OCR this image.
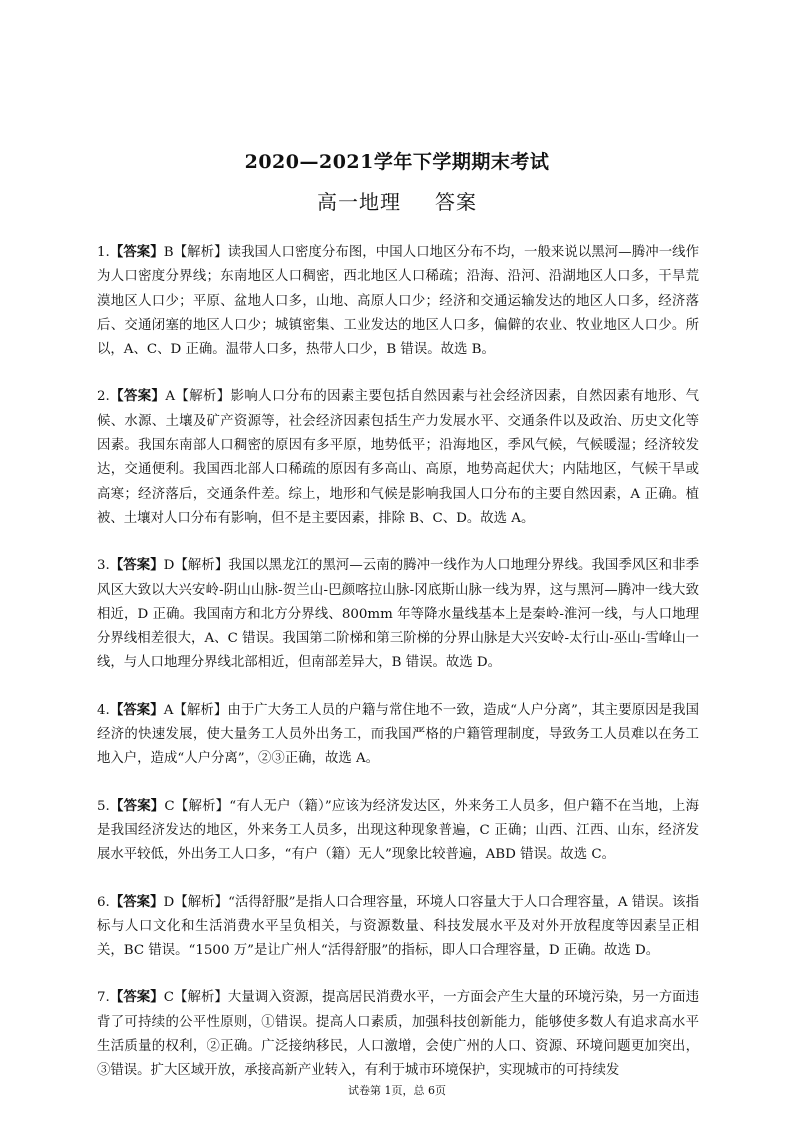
2020—2021学年下学期期末考试
高一地理 答案

1.【答案】B【解析】读我国人口密度分布图，中国人口地区分布不均，一般来说以黑河—腾冲一线作为人口密度分界线；东南地区人口稠密，西北地区人口稀疏；沿海、沿河、沿湖地区人口多，干旱荒漠地区人口少；平原、盆地人口多，山地、高原人口少；经济和交通运输发达的地区人口多，经济落后、交通闭塞的地区人口少；城镇密集、工业发达的地区人口多，偏僻的农业、牧业地区人口少。所以，A、C、D 正确。温带人口多，热带人口少，B 错误。故选 B。

2.【答案】A【解析】影响人口分布的因素主要包括自然因素与社会经济因素，自然因素有地形、气候、水源、土壤及矿产资源等，社会经济因素包括生产力发展水平、交通条件以及政治、历史文化等因素。我国东南部人口稠密的原因有多平原，地势低平；沿海地区，季风气候，气候暖湿；经济较发达，交通便利。我国西北部人口稀疏的原因有多高山、高原，地势高起伏大；内陆地区，气候干旱或高寒；经济落后，交通条件差。综上，地形和气候是影响我国人口分布的主要自然因素，A 正确。植被、土壤对人口分布有影响，但不是主要因素，排除 B、C、D。故选 A。

3.【答案】D【解析】我国以黑龙江的黑河—云南的腾冲一线作为人口地理分界线。我国季风区和非季风区大致以大兴安岭-阴山山脉-贺兰山-巴颜喀拉山脉-冈底斯山脉一线为界，这与黑河—腾冲一线大致相近，D 正确。我国南方和北方分界线、800mm 年等降水量线基本上是秦岭-淮河一线，与人口地理分界线相差很大，A、C 错误。我国第二阶梯和第三阶梯的分界山脉是大兴安岭-太行山-巫山-雪峰山一线，与人口地理分界线北部相近，但南部差异大，B 错误。故选 D。

4.【答案】A【解析】由于广大务工人员的户籍与常住地不一致，造成“人户分离”，其主要原因是我国经济的快速发展，使大量务工人员外出务工，而我国严格的户籍管理制度，导致务工人员难以在务工地入户，造成“人户分离”，②③正确，故选 A。

5.【答案】C【解析】“有人无户（籍）”应该为经济发达区，外来务工人员多，但户籍不在当地，上海是我国经济发达的地区，外来务工人员多，出现这种现象普遍，C 正确；山西、江西、山东，经济发展水平较低，外出务工人口多，“有户（籍）无人”现象比较普遍，ABD 错误。故选 C。

6.【答案】D【解析】“活得舒服”是指人口合理容量，环境人口容量大于人口合理容量，A 错误。该指标与人口文化和生活消费水平呈负相关，与资源数量、科技发展水平及对外开放程度等因素呈正相关，BC 错误。“1500 万”是让广州人“活得舒服”的指标，即人口合理容量，D 正确。故选 D。

7.【答案】C【解析】大量调入资源，提高居民消费水平，一方面会产生大量的环境污染，另一方面违背了可持续的公平性原则，①错误。提高人口素质，加强科技创新能力，能够使多数人有追求高水平生活质量的权利，②正确。广泛接纳移民，人口激增，会使广州的人口、资源、环境问题更加突出，③错误。扩大区域开放，承接高新产业转入，有利于城市环境保护，实现城市的可持续发

试卷第 1页，总 6页
